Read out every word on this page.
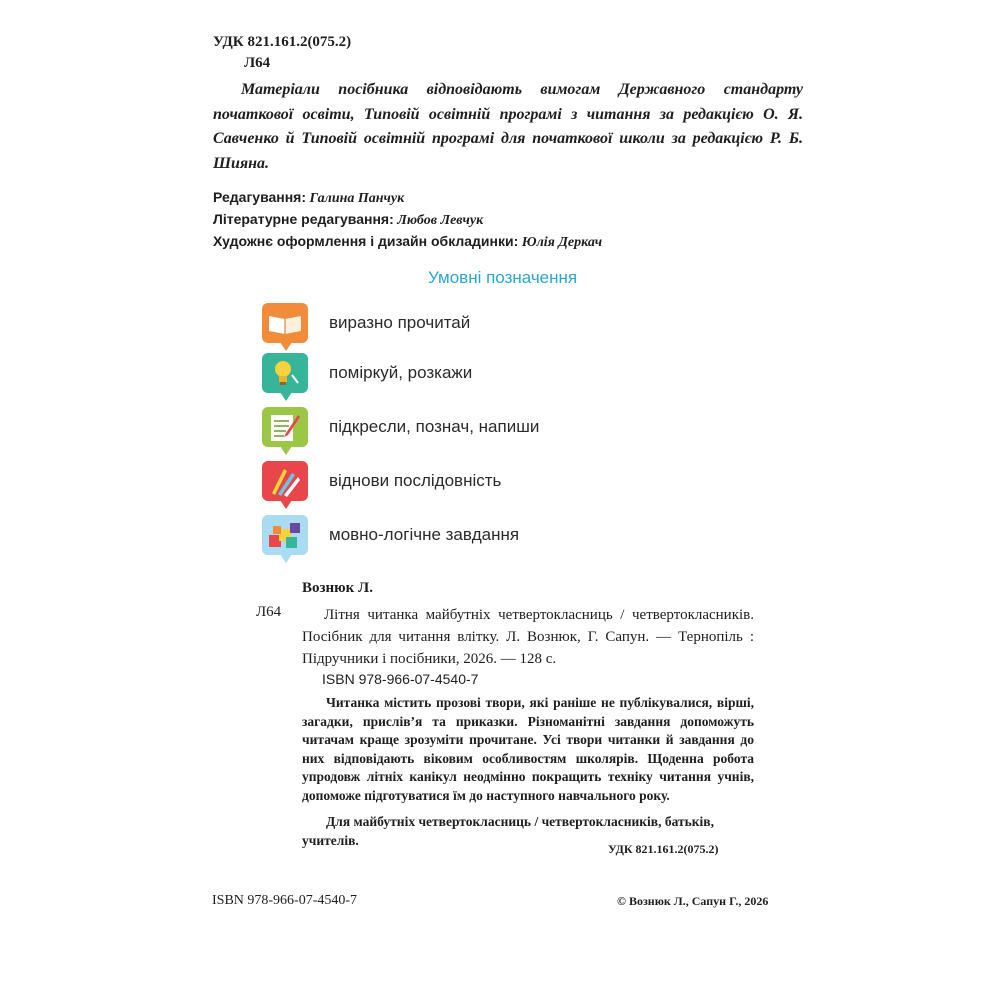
УДК 821.161.2(075.2)
Л64
Матеріали посібника відповідають вимогам Державного стандарту початкової освіти, Типовій освітній програмі з читання за редакцією О. Я. Савченко й Типовій освітній програмі для початкової школи за редакцією Р. Б. Шияна.
Редагування: Галина Панчук
Літературне редагування: Любов Левчук
Художнє оформлення і дизайн обкладинки: Юлія Деркач
Умовні позначення
виразно прочитай
поміркуй, розкажи
підкресли, познач, напиши
віднови послідовність
мовно-логічне завдання
Вознюк Л.
Л64	Літня читанка майбутніх четвертокласниць / четвертокласників. Посібник для читання влітку. Л. Вознюк, Г. Сапун. — Тернопіль : Підручники і посібники, 2026. — 128 с.
ISBN 978-966-07-4540-7
Читанка містить прозові твори, які раніше не публікувалися, вірші, загадки, прислів’я та приказки. Різноманітні завдання допоможуть читачам краще зрозуміти прочитане. Усі твори читанки й завдання до них відповідають віковим особливостям школярів. Щоденна робота упродовж літніх канікул неодмінно покращить техніку читання учнів, допоможе підготуватися їм до наступного навчального року.
Для майбутніх четвертокласниць / четвертокласників, батьків, учителів.
УДК 821.161.2(075.2)
ISBN 978-966-07-4540-7	© Вознюк Л., Сапун Г., 2026
